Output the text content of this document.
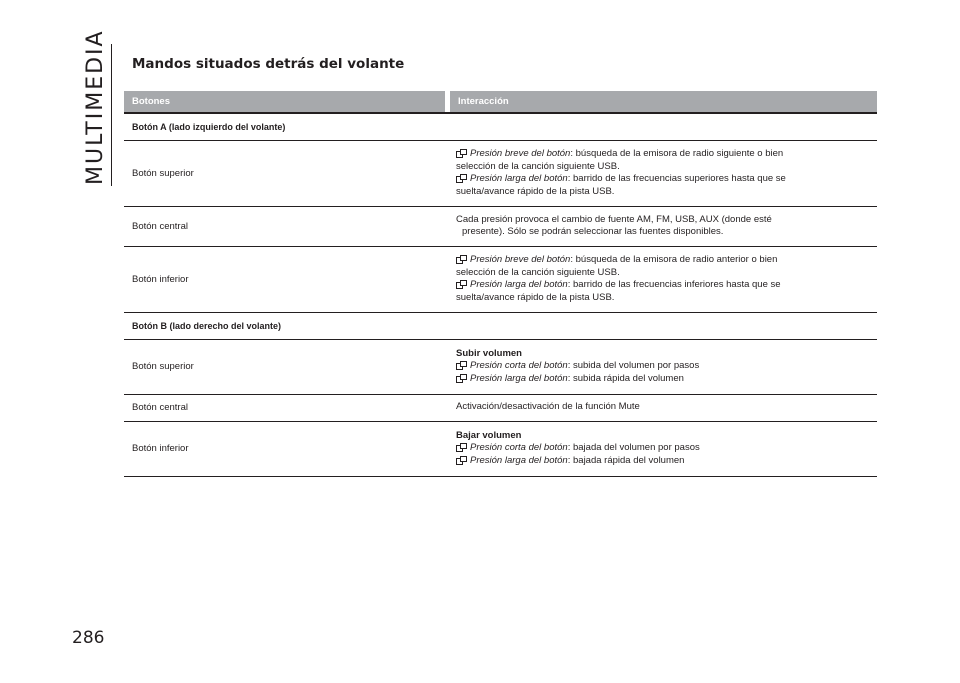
MULTIMEDIA Mandos situados detrás del volante
Botones	Interacción
Botón A (lado izquierdo del volante)
Botón superior
Presión breve del botón: búsqueda de la emisora de radio siguiente o bien
selección de la canción siguiente USB.
Presión larga del botón: barrido de las frecuencias superiores hasta que se
suelta/avance rápido de la pista USB.
Botón central
Cada presión provoca el cambio de fuente AM, FM, USB, AUX (donde esté
presente). Sólo se podrán seleccionar las fuentes disponibles.
Botón inferior
Presión breve del botón: búsqueda de la emisora de radio anterior o bien
selección de la canción siguiente USB.
Presión larga del botón: barrido de las frecuencias inferiores hasta que se
suelta/avance rápido de la pista USB.
Botón B (lado derecho del volante)
Botón superior
Subir volumen
Presión corta del botón: subida del volumen por pasos
Presión larga del botón: subida rápida del volumen
Botón central	Activación/desactivación de la función Mute
Botón inferior
Bajar volumen
Presión corta del botón: bajada del volumen por pasos
Presión larga del botón: bajada rápida del volumen
286
